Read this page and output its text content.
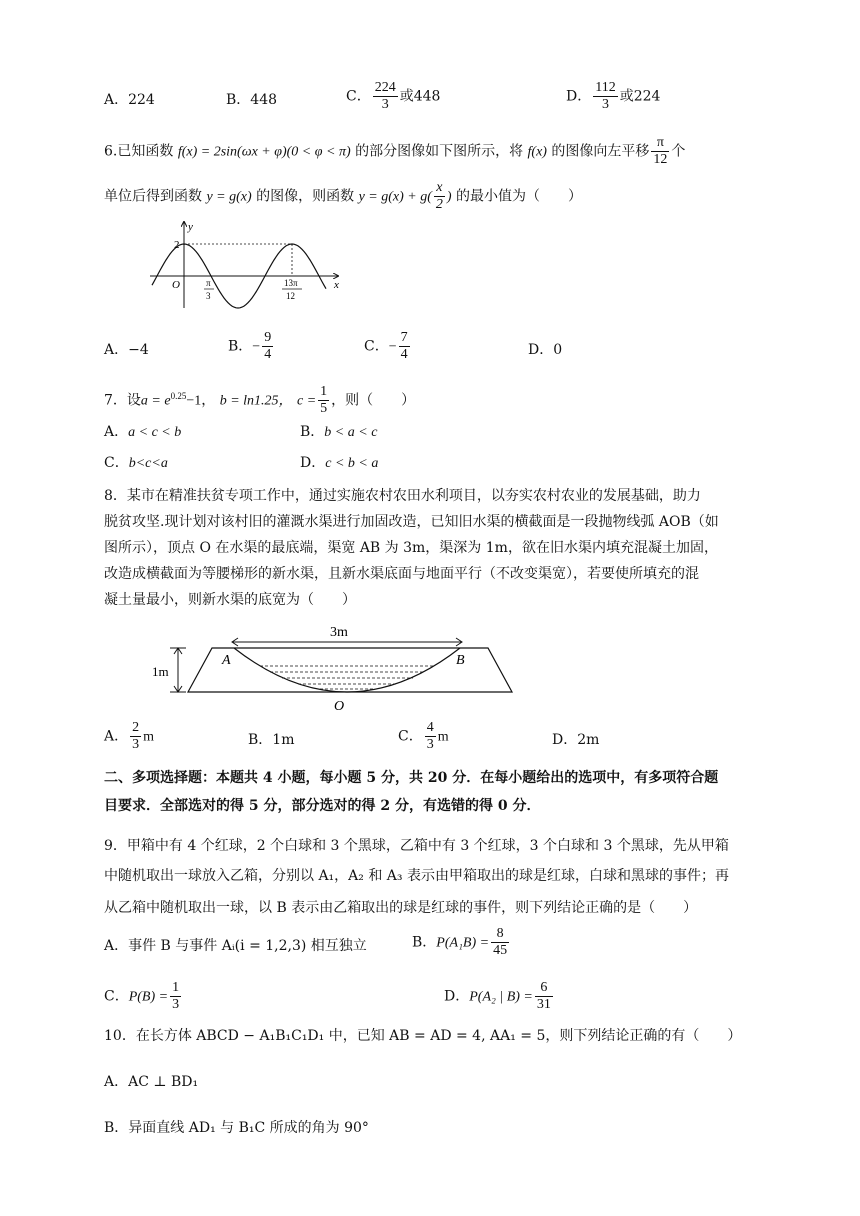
A．224	B．448	C． $\frac{224}{3}$ 或448	D． $\frac{112}{3}$ 或224
6.已知函数 f(x) = 2sin(ωx + φ)(0 < φ < π) 的部分图像如下图所示，将 f(x) 的图像向左平移 $\frac{\pi}{12}$ 个
单位后得到函数 y = g(x) 的图像，则函数 $y = g(x) + g( \frac{x}{2}$ ) 的最小值为（　　）
y
x
O
2
π
3
13π
12
A．−4	B．− $\frac{9}{4}$	C．− $\frac{7}{4}$	D．0
7．设$a = e^{0.25}-1$， b = ln1.25， $c = \frac{1}{5}$ ，则（　　）
A．a < c < b	B．b < a < c
C．b<c<a	D．c < b < a
8．某市在精准扶贫专项工作中，通过实施农村农田水利项目，以夯实农村农业的发展基础，助力
脱贫攻坚.现计划对该村旧的灌溉水渠进行加固改造，已知旧水渠的横截面是一段抛物线弧 AOB（如
图所示），顶点 O 在水渠的最底端，渠宽 AB 为 3m，渠深为 1m，欲在旧水渠内填充混凝土加固，
改造成横截面为等腰梯形的新水渠，且新水渠底面与地面平行（不改变渠宽），若要使所填充的混
凝土量最小，则新水渠的底宽为（　　）
3m
1m
A	B
O
A． $\frac{2}{3}$ m	B．1m	C． $\frac{4}{3}$ m	D．2m
二、多项选择题：本题共 4 小题，每小题 5 分，共 20 分．在每小题给出的选项中，有多项符合题
目要求．全部选对的得 5 分，部分选对的得 2 分，有选错的得 0 分．
9．甲箱中有 4 个红球，2 个白球和 3 个黑球，乙箱中有 3 个红球，3 个白球和 3 个黑球，先从甲箱
中随机取出一球放入乙箱，分别以 A₁，A₂ 和 A₃ 表示由甲箱取出的球是红球，白球和黑球的事件；再
从乙箱中随机取出一球，以 B 表示由乙箱取出的球是红球的事件，则下列结论正确的是（　　）
A．事件 B 与事件 Aᵢ(i = 1,2,3) 相互独立	B．$P(A_1B) = \frac{8}{45}$
C．$P(B) = \frac{1}{3}$	D．P(A₂ | $B) = \frac{6}{31}$
10．在长方体 ABCD − A₁B₁C₁D₁ 中，已知 AB = AD = 4, AA₁ = 5，则下列结论正确的有（　　）
A．AC ⊥ BD₁
B．异面直线 AD₁ 与 B₁C 所成的角为 90°
